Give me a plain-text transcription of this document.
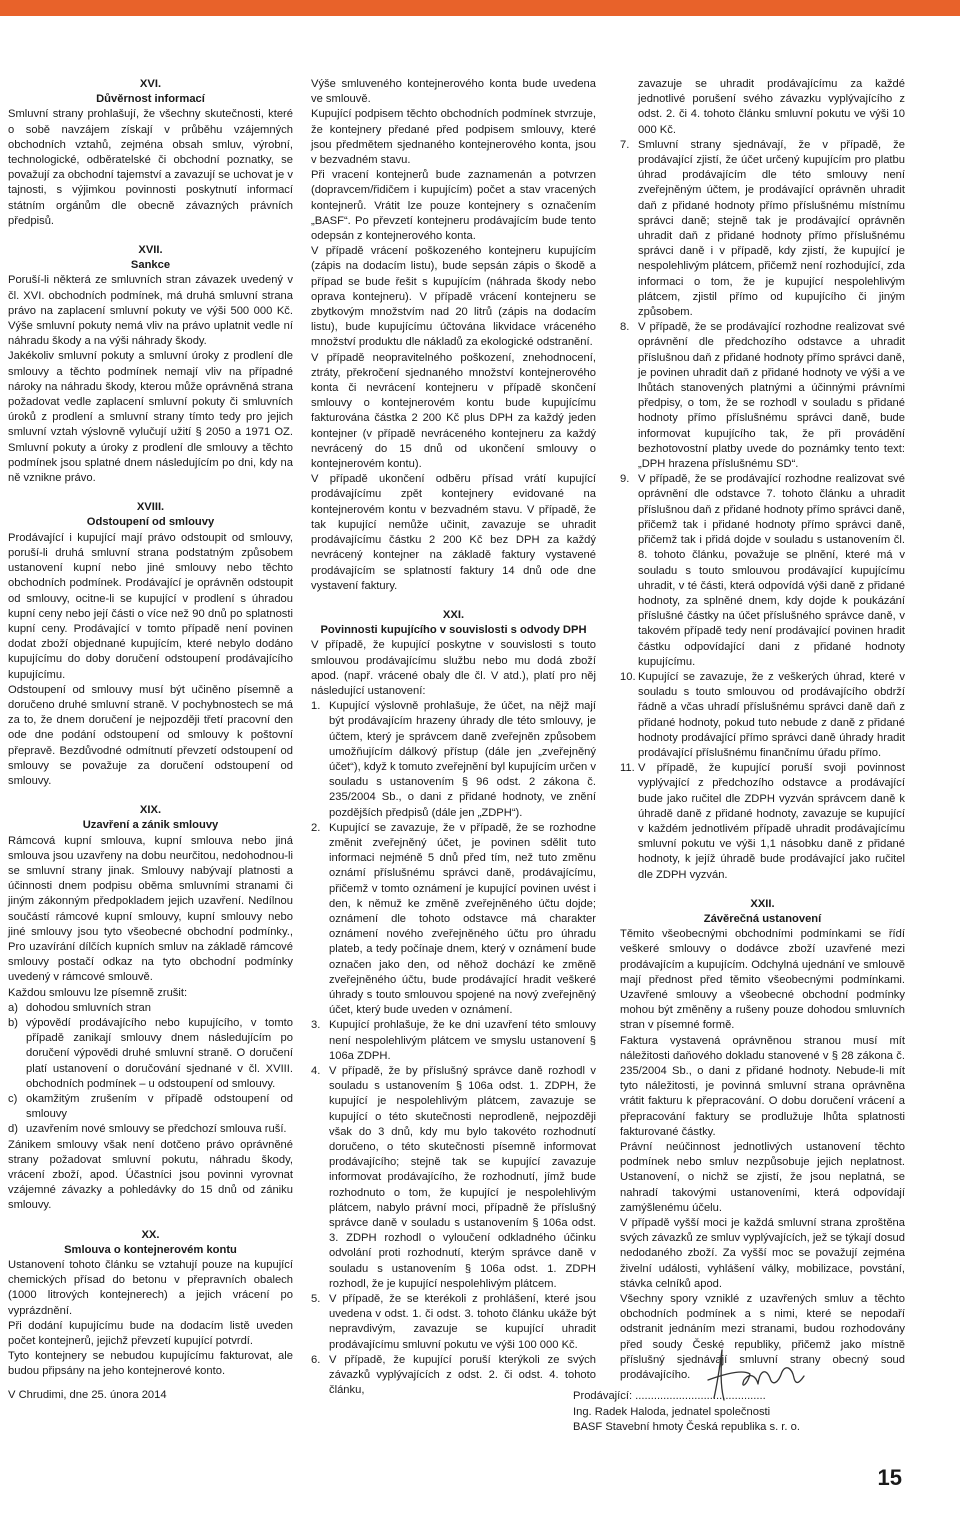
XVI.
Důvěrnost informací

Smluvní strany prohlašují, že všechny skutečnosti, které o sobě navzájem získají v průběhu vzájemných obchodních vztahů, zejména obsah smluv, výrobní, technologické, odběratelské či obchodní poznatky, se považují za obchodní tajemství a zavazují se uchovat je v tajnosti, s výjimkou povinnosti poskytnutí informací státním orgánům dle obecně závazných právních předpisů.

XVII.
Sankce

Poruší-li některá ze smluvních stran závazek uvedený v čl. XVI. obchodních podmínek, má druhá smluvní strana právo na zaplacení smluvní pokuty ve výši 500 000 Kč. Výše smluvní pokuty nemá vliv na právo uplatnit vedle ní náhradu škody a na výši náhrady škody.

Jakékoliv smluvní pokuty a smluvní úroky z prodlení dle smlouvy a těchto podmínek nemají vliv na případné nároky na náhradu škody, kterou může oprávněná strana požadovat vedle zaplacení smluvní pokuty či smluvních úroků z prodlení a smluvní strany tímto tedy pro jejich smluvní vztah výslovně vylučují užití § 2050 a 1971 OZ. Smluvní pokuty a úroky z prodlení dle smlouvy a těchto podmínek jsou splatné dnem následujícím po dni, kdy na ně vznikne právo.

XVIII.
Odstoupení od smlouvy

Prodávající i kupující mají právo odstoupit od smlouvy, poruší-li druhá smluvní strana podstatným způsobem ustanovení kupní nebo jiné smlouvy nebo těchto obchodních podmínek. Prodávající je oprávněn odstoupit od smlouvy, ocitne-li se kupující v prodlení s úhradou kupní ceny nebo její části o více než 90 dnů po splatnosti kupní ceny. Prodávající v tomto případě není povinen dodat zboží objednané kupujícím, které nebylo dodáno kupujícímu do doby doručení odstoupení prodávajícího kupujícímu.

Odstoupení od smlouvy musí být učiněno písemně a doručeno druhé smluvní straně. V pochybnostech se má za to, že dnem doručení je nejpozději třetí pracovní den ode dne podání odstoupení od smlouvy k poštovní přepravě. Bezdůvodné odmítnutí převzetí odstoupení od smlouvy se považuje za doručení odstoupení od smlouvy.

XIX.
Uzavření a zánik smlouvy

Rámcová kupní smlouva, kupní smlouva nebo jiná smlouva jsou uzavřeny na dobu neurčitou, nedohodnou-li se smluvní strany jinak. Smlouvy nabývají platnosti a účinnosti dnem podpisu oběma smluvními stranami či jiným zákonným předpokladem jejich uzavření. Nedílnou součástí rámcové kupní smlouvy, kupní smlouvy nebo jiné smlouvy jsou tyto všeobecné obchodní podmínky., Pro uzavírání dílčích kupních smluv na základě rámcové smlouvy postačí odkaz na tyto obchodní podmínky uvedený v rámcové smlouvě.

Každou smlouvu lze písemně zrušit:

a) dohodou smluvních stran
b) výpovědí prodávajícího nebo kupujícího, v tomto případě zanikají smlouvy dnem následujícím po doručení výpovědi druhé smluvní straně. O doručení platí ustanovení o doručování sjednané v čl. XVIII. obchodních podmínek – u odstoupení od smlouvy.
c) okamžitým zrušením v případě odstoupení od smlouvy
d) uzavřením nové smlouvy se předchozí smlouva ruší.

Zánikem smlouvy však není dotčeno právo oprávněné strany požadovat smluvní pokutu, náhradu škody, vrácení zboží, apod. Účastníci jsou povinni vyrovnat vzájemné závazky a pohledávky do 15 dnů od zániku smlouvy.

XX.
Smlouva o kontejnerovém kontu

Ustanovení tohoto článku se vztahují pouze na kupující chemických přísad do betonu v přepravních obalech (1000 litrových kontejnerech) a jejich vrácení po vyprázdnění.

Při dodání kupujícímu bude na dodacím listě uveden počet kontejnerů, jejichž převzetí kupující potvrdí.

Tyto kontejnery se nebudou kupujícímu fakturovat, ale budou připsány na jeho kontejnerové konto.

Výše smluveného kontejnerového konta bude uvedena ve smlouvě.

Kupující podpisem těchto obchodních podmínek stvrzuje, že kontejnery předané před podpisem smlouvy, které jsou předmětem sjednaného kontejnerového konta, jsou v bezvadném stavu.

Při vracení kontejnerů bude zaznamenán a potvrzen (dopravcem/řidičem i kupujícím) počet a stav vracených kontejnerů. Vrátit lze pouze kontejnery s označením „BASF“. Po převzetí kontejneru prodávajícím bude tento odepsán z kontejnerového konta.

V případě vrácení poškozeného kontejneru kupujícím (zápis na dodacím listu), bude sepsán zápis o škodě a případ se bude řešit s kupujícím (náhrada škody nebo oprava kontejneru). V případě vrácení kontejneru se zbytkovým množstvím nad 20 litrů (zápis na dodacím listu), bude kupujícímu účtována likvidace vráceného množství produktu dle nákladů za ekologické odstranění.

V případě neopravitelného poškození, znehodnocení, ztráty, překročení sjednaného množství kontejnerového konta či nevrácení kontejneru v případě skončení smlouvy o kontejnerovém kontu bude kupujícímu fakturována částka 2 200 Kč plus DPH za každý jeden kontejner (v případě nevráceného kontejneru za každý nevrácený do 15 dnů od ukončení smlouvy o kontejnerovém kontu).

V případě ukončení odběru přísad vrátí kupující prodávajícímu zpět kontejnery evidované na kontejnerovém kontu v bezvadném stavu. V případě, že tak kupující nemůže učinit, zavazuje se uhradit prodávajícímu částku 2 200 Kč bez DPH za každý nevrácený kontejner na základě faktury vystavené prodávajícím se splatností faktury 14 dnů ode dne vystavení faktury.

XXI.
Povinnosti kupujícího v souvislosti s odvody DPH

V případě, že kupující poskytne v souvislosti s touto smlouvou prodávajícímu službu nebo mu dodá zboží apod. (např. vrácené obaly dle čl. V atd.), platí pro něj následující ustanovení:

1. Kupující výslovně prohlašuje, že účet, na nějž mají být prodávajícím hrazeny úhrady dle této smlouvy, je účtem, který je správcem daně zveřejněn způsobem umožňujícím dálkový přístup (dále jen „zveřejněný účet“), když k tomuto zveřejnění byl kupujícím určen v souladu s ustanovením § 96 odst. 2 zákona č. 235/2004 Sb., o dani z přidané hodnoty, ve znění pozdějších předpisů (dále jen „ZDPH“).
2. Kupující se zavazuje, že v případě, že se rozhodne změnit zveřejněný účet, je povinen sdělit tuto informaci nejméně 5 dnů před tím, než tuto změnu oznámí příslušnému správci daně, prodávajícímu, přičemž v tomto oznámení je kupující povinen uvést i den, k němuž ke změně zveřejněného účtu dojde; oznámení dle tohoto odstavce má charakter oznámení nového zveřejněného účtu pro úhradu plateb, a tedy počínaje dnem, který v oznámení bude označen jako den, od něhož dochází ke změně zveřejněného účtu, bude prodávající hradit veškeré úhrady s touto smlouvou spojené na nový zveřejněný účet, který bude uveden v oznámení.
3. Kupující prohlašuje, že ke dni uzavření této smlouvy není nespolehlivým plátcem ve smyslu ustanovení § 106a ZDPH.
4. V případě, že by příslušný správce daně rozhodl v souladu s ustanovením § 106a odst. 1. ZDPH, že kupující je nespolehlivým plátcem, zavazuje se kupující o této skutečnosti neprodleně, nejpozději však do 3 dnů, kdy mu bylo takovéto rozhodnutí doručeno, o této skutečnosti písemně informovat prodávajícího; stejně tak se kupující zavazuje informovat prodávajícího, že rozhodnutí, jímž bude rozhodnuto o tom, že kupující je nespolehlivým plátcem, nabylo právní moci, případně že příslušný správce daně v souladu s ustanovením § 106a odst. 3. ZDPH rozhodl o vyloučení odkladného účinku odvolání proti rozhodnutí, kterým správce daně v souladu s ustanovením § 106a odst. 1. ZDPH rozhodl, že je kupující nespolehlivým plátcem.
5. V případě, že se kterékoli z prohlášení, které jsou uvedena v odst. 1. či odst. 3. tohoto článku ukáže být nepravdivým, zavazuje se kupující uhradit prodávajícímu smluvní pokutu ve výši 100 000 Kč.
6. V případě, že kupující poruší kterýkoli ze svých závazků vyplývajících z odst. 2. či odst. 4. tohoto článku,

zavazuje se uhradit prodávajícímu za každé jednotlivé porušení svého závazku vyplývajícího z odst. 2. či 4. tohoto článku smluvní pokutu ve výši 10 000 Kč.

7. Smluvní strany sjednávají, že v případě, že prodávající zjistí, že účet určený kupujícím pro platbu úhrad prodávajícím dle této smlouvy není zveřejněným účtem, je prodávající oprávněn uhradit daň z přidané hodnoty přímo příslušnému místnímu správci daně; stejně tak je prodávající oprávněn uhradit daň z přidané hodnoty přímo příslušnému správci daně i v případě, kdy zjistí, že kupující je nespolehlivým plátcem, přičemž není rozhodující, zda informaci o tom, že je kupující nespolehlivým plátcem, zjistil přímo od kupujícího či jiným způsobem.
8. V případě, že se prodávající rozhodne realizovat své oprávnění dle předchozího odstavce a uhradit příslušnou daň z přidané hodnoty přímo správci daně, je povinen uhradit daň z přidané hodnoty ve výši a ve lhůtách stanovených platnými a účinnými právními předpisy, o tom, že se rozhodl v souladu s přidané hodnoty přímo příslušnému správci daně, bude informovat kupujícího tak, že při provádění bezhotovostní platby uvede do poznámky tento text: „DPH hrazena příslušnému SD“.
9. V případě, že se prodávající rozhodne realizovat své oprávnění dle odstavce 7. tohoto článku a uhradit příslušnou daň z přidané hodnoty přímo správci daně, přičemž tak i přidané hodnoty přímo správci daně, přičemž tak i přidá dojde v souladu s ustanovením čl. 8. tohoto článku, považuje se plnění, které má v souladu s touto smlouvou prodávající kupujícímu uhradit, v té části, která odpovídá výši daně z přidané hodnoty, za splněné dnem, kdy dojde k poukázání příslušné částky na účet příslušného správce daně, v takovém případě tedy není prodávající povinen hradit částku odpovídající dani z přidané hodnoty kupujícímu.
10. Kupující se zavazuje, že z veškerých úhrad, které v souladu s touto smlouvou od prodávajícího obdrží řádně a včas uhradí příslušnému správci daně daň z přidané hodnoty, pokud tuto nebude z daně z přidané hodnoty prodávající přímo správci daně úhrady hradit prodávající příslušnému finančnímu úřadu přímo.
11. V případě, že kupující poruší svoji povinnost vyplývající z předchozího odstavce a prodávající bude jako ručitel dle ZDPH vyzván správcem daně k úhradě daně z přidané hodnoty, zavazuje se kupující v každém jednotlivém případě uhradit prodávajícímu smluvní pokutu ve výši 1,1 násobku daně z přidané hodnoty, k jejíž úhradě bude prodávající jako ručitel dle ZDPH vyzván.
XXII.
Závěrečná ustanovení

Těmito všeobecnými obchodními podmínkami se řídí veškeré smlouvy o dodávce zboží uzavřené mezi prodávajícím a kupujícím. Odchylná ujednání ve smlouvě mají přednost před těmito všeobecnými podmínkami. Uzavřené smlouvy a všeobecné obchodní podmínky mohou být změněny a rušeny pouze dohodou smluvních stran v písemné formě.

Faktura vystavená oprávněnou stranou musí mít náležitosti daňového dokladu stanovené v § 28 zákona č. 235/2004 Sb., o dani z přidané hodnoty. Nebude-li mít tyto náležitosti, je povinná smluvní strana oprávněna vrátit fakturu k přepracování. O dobu doručení vrácení a přepracování faktury se prodlužuje lhůta splatnosti fakturované částky.

Právní neúčinnost jednotlivých ustanovení těchto podmínek nebo smluv nezpůsobuje jejich neplatnost. Ustanovení, o nichž se zjistí, že jsou neplatná, se nahradí takovými ustanoveními, která odpovídají zamýšlenému účelu.

V případě vyšší moci je každá smluvní strana zproštěna svých závazků ze smluv vyplývajících, jež se týkají dosud nedodaného zboží. Za vyšší moc se považují zejména živelní události, vyhlášení války, mobilizace, povstání, stávka celníků apod.

Všechny spory vzniklé z uzavřených smluv a těchto obchodních podmínek a s nimi, které se nepodaří odstranit jednáním mezi stranami, budou rozhodovány před soudy České republiky, přičemž jako místně příslušný sjednávají smluvní strany obecný soud prodávajícího.

V Chrudimi, dne 25. února 2014	Prodávající: ..........................................
Ing. Radek Haloda, jednatel společnosti
BASF Stavební hmoty Česká republika s. r. o.
15
